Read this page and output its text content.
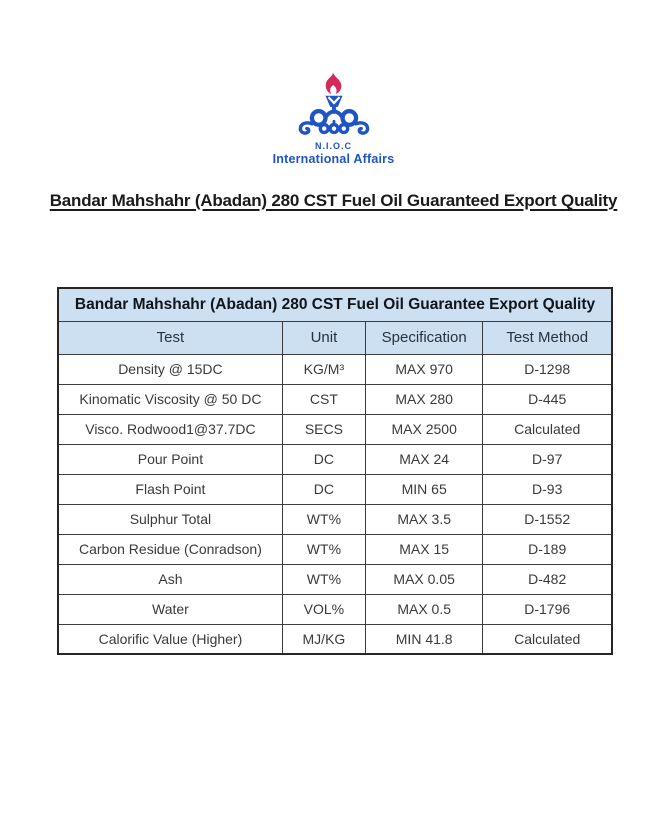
N.I.O.C
International Affairs
Bandar Mahshahr (Abadan) 280 CST Fuel Oil Guaranteed Export Quality
Bandar Mahshahr (Abadan) 280 CST Fuel Oil Guarantee Export Quality			
Test	Unit	Specification	Test Method
Density @ 15DC	KG/M³	MAX 970	D-1298
Kinomatic Viscosity @ 50 DC	CST	MAX 280	D-445
Visco. Rodwood1@37.7DC	SECS	MAX 2500	Calculated
Pour Point	DC	MAX 24	D-97
Flash Point	DC	MIN 65	D-93
Sulphur Total	WT%	MAX 3.5	D-1552
Carbon Residue (Conradson)	WT%	MAX 15	D-189
Ash	WT%	MAX 0.05	D-482
Water	VOL%	MAX 0.5	D-1796
Calorific Value (Higher)	MJ/KG	MIN 41.8	Calculated
